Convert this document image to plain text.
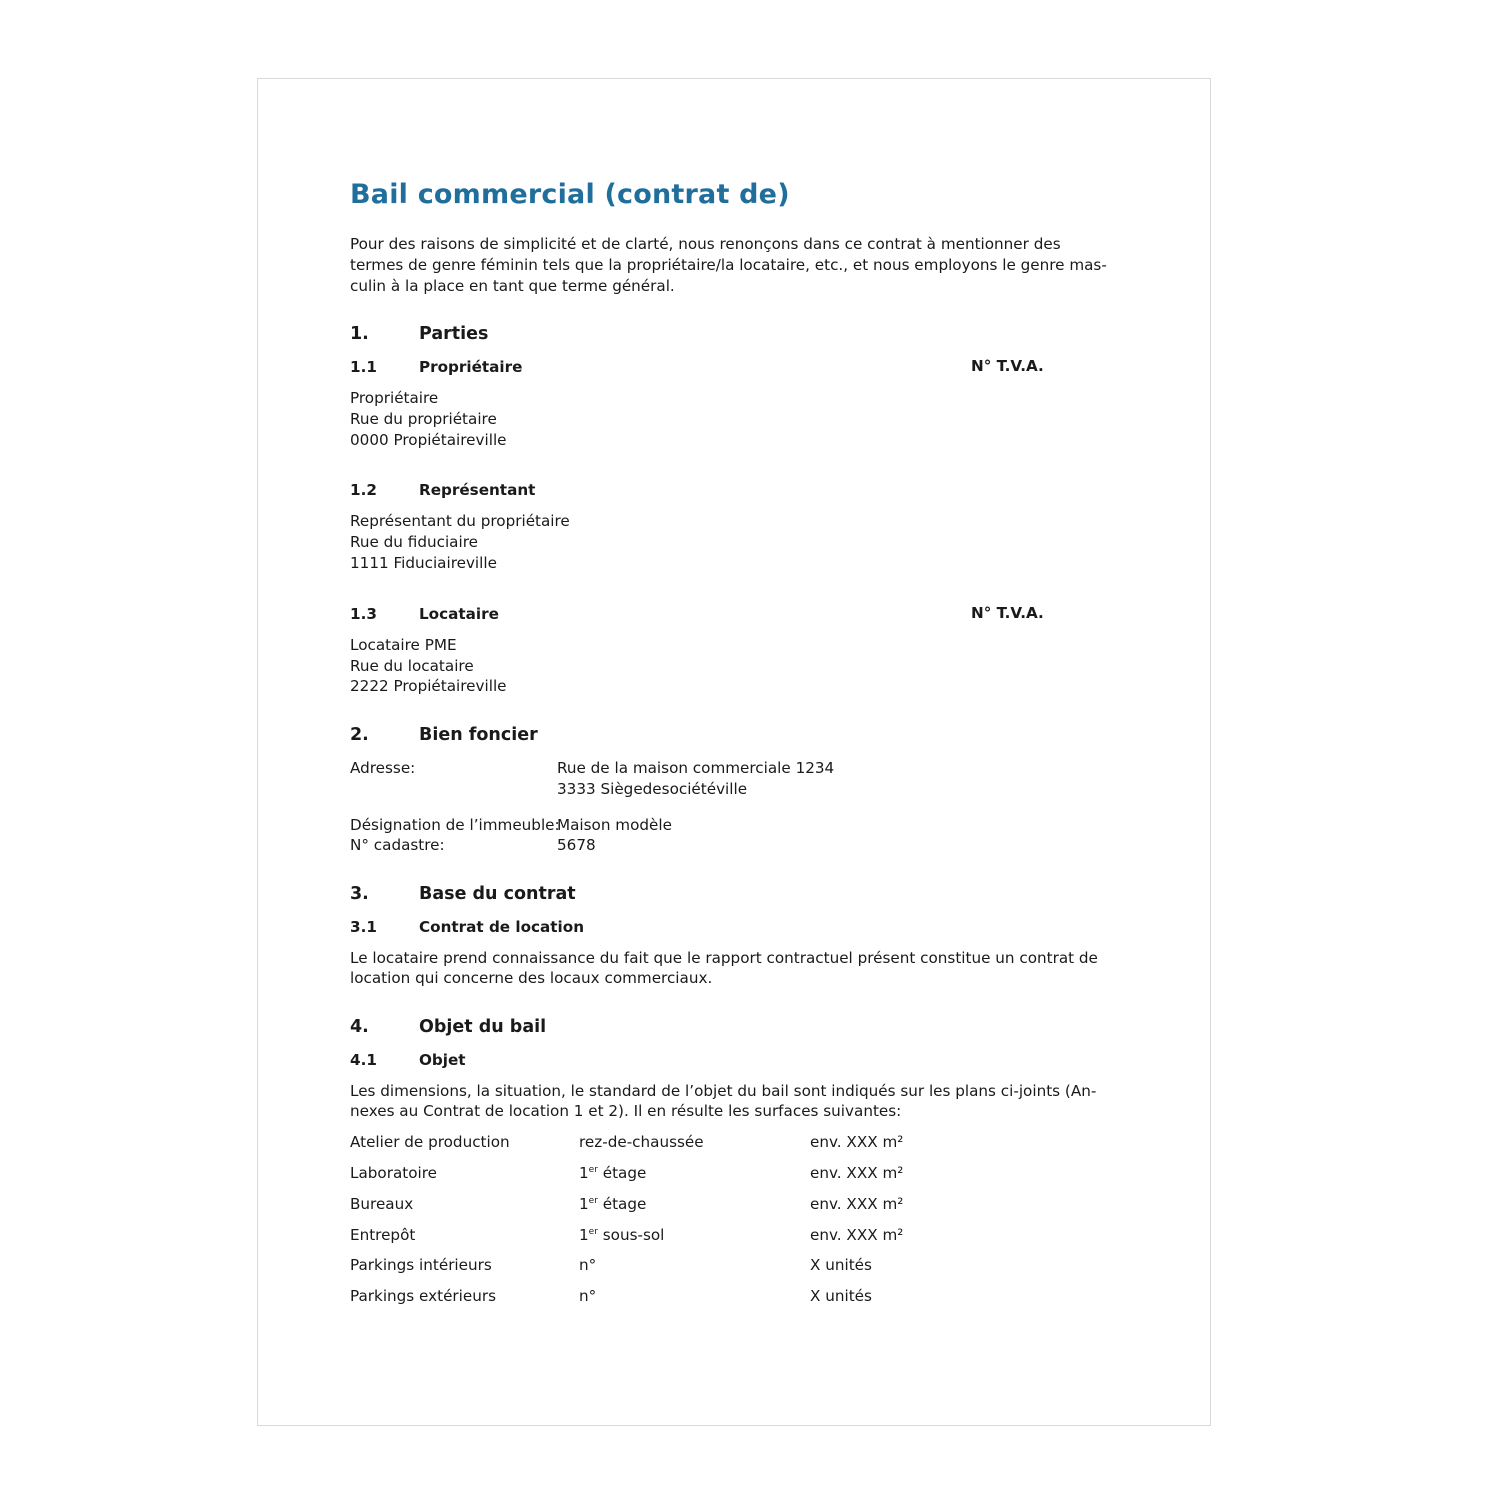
Bail commercial (contrat de)
Pour des raisons de simplicité et de clarté, nous renonçons dans ce contrat à mentionner des
termes de genre féminin tels que la propriétaire/la locataire, etc., et nous employons le genre mas-
culin à la place en tant que terme général.
1.	Parties
1.1	Propriétaire	N° T.V.A.
Propriétaire
Rue du propriétaire
0000 Propiétaireville
1.2	Représentant
Représentant du propriétaire
Rue du fiduciaire
1111 Fiduciaireville
1.3	Locataire	N° T.V.A.
Locataire PME
Rue du locataire
2222 Propiétaireville
2.	Bien foncier
Adresse:	Rue de la maison commerciale 1234
3333 Siègedesociétéville
Désignation de l’immeuble:
Maison modèle
N° cadastre:	5678
3.	Base du contrat
3.1	Contrat de location
Le locataire prend connaissance du fait que le rapport contractuel présent constitue un contrat de
location qui concerne des locaux commerciaux.
4.	Objet du bail
4.1	Objet
Les dimensions, la situation, le standard de l’objet du bail sont indiqués sur les plans ci-joints (An-
nexes au Contrat de location 1 et 2). Il en résulte les surfaces suivantes:
Atelier de production	rez-de-chaussée	env. XXX m²
Laboratoire	1er étage	env. XXX m²
Bureaux	1er étage	env. XXX m²
Entrepôt	1er sous-sol	env. XXX m²
Parkings intérieurs	n°	X unités
Parkings extérieurs	n°	X unités
